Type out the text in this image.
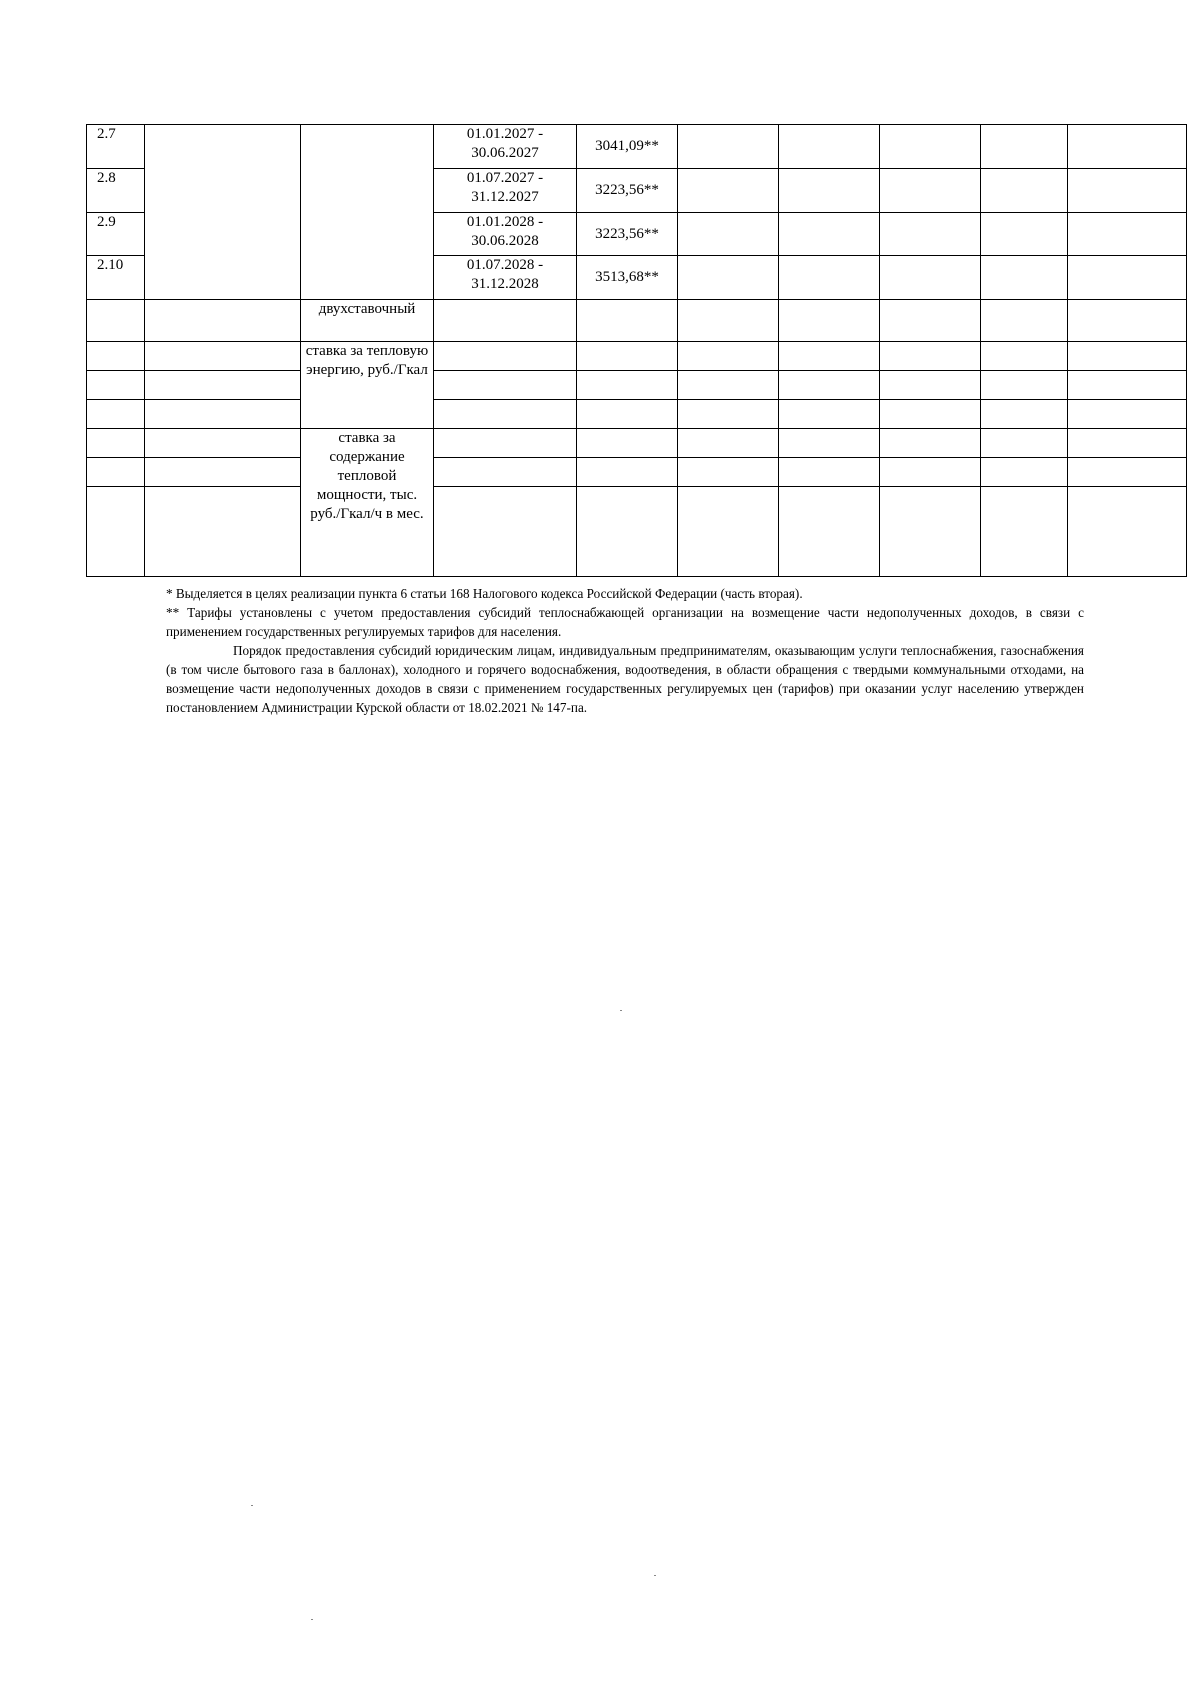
2.7			01.01.2027 - 30.06.2027	3041,09**					
2.8			01.07.2027 - 31.12.2027	3223,56**					
2.9			01.01.2028 - 30.06.2028	3223,56**					
2.10			01.07.2028 - 31.12.2028	3513,68**					
		двухставочный							
		ставка за тепловую энергию, руб./Гкал							

		ставка за содержание тепловой мощности, тыс. руб./Гкал/ч в мес.							

* Выделяется в целях реализации пункта 6 статьи 168 Налогового кодекса Российской Федерации (часть вторая).

** Тарифы установлены с учетом предоставления субсидий теплоснабжающей организации на возмещение части недополученных доходов, в связи с применением государственных регулируемых тарифов для населения.

Порядок предоставления субсидий юридическим лицам, индивидуальным предпринимателям, оказывающим услуги теплоснабжения, газоснабжения (в том числе бытового газа в баллонах), холодного и горячего водоснабжения, водоотведения, в области обращения с твердыми коммунальными отходами, на возмещение части недополученных доходов в связи с применением государственных регулируемых цен (тарифов) при оказании услуг населению утвержден постановлением Администрации Курской области от 18.02.2021 № 147-па.
